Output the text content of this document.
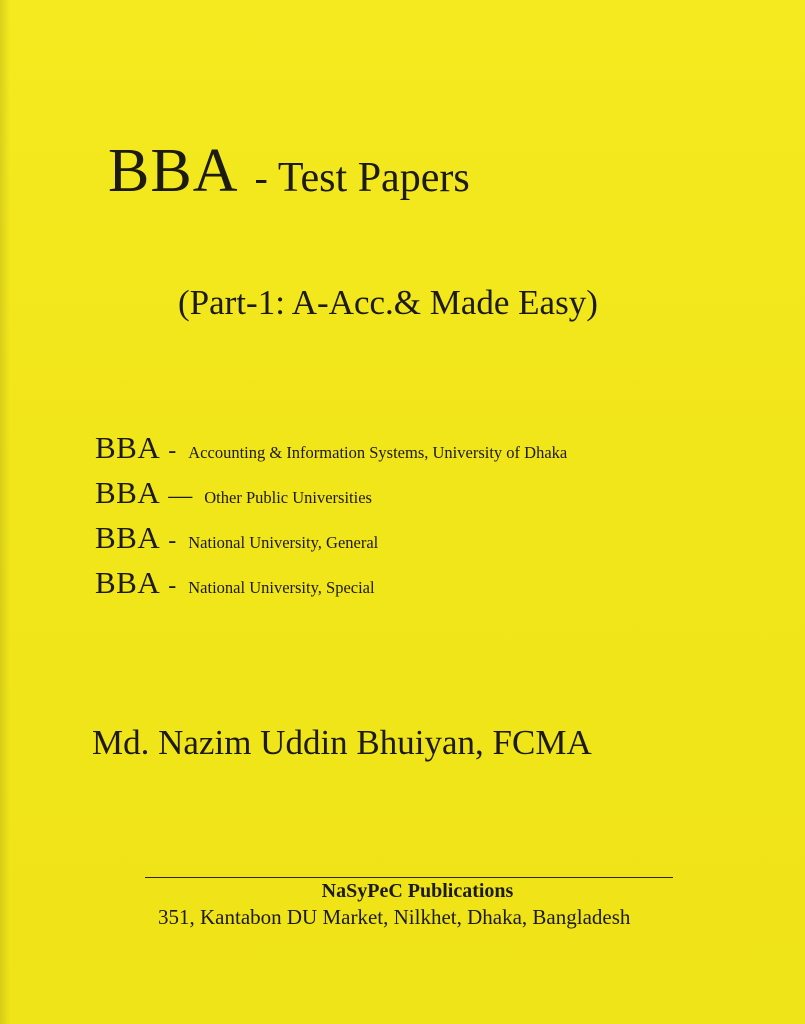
BBA - Test Papers
(Part-1: A-Acc.& Made Easy)
BBA - Accounting & Information Systems, University of Dhaka
BBA — Other Public Universities
BBA - National University, General
BBA - National University, Special
Md. Nazim Uddin Bhuiyan, FCMA
NaSyPeC Publications
351, Kantabon DU Market, Nilkhet, Dhaka, Bangladesh
